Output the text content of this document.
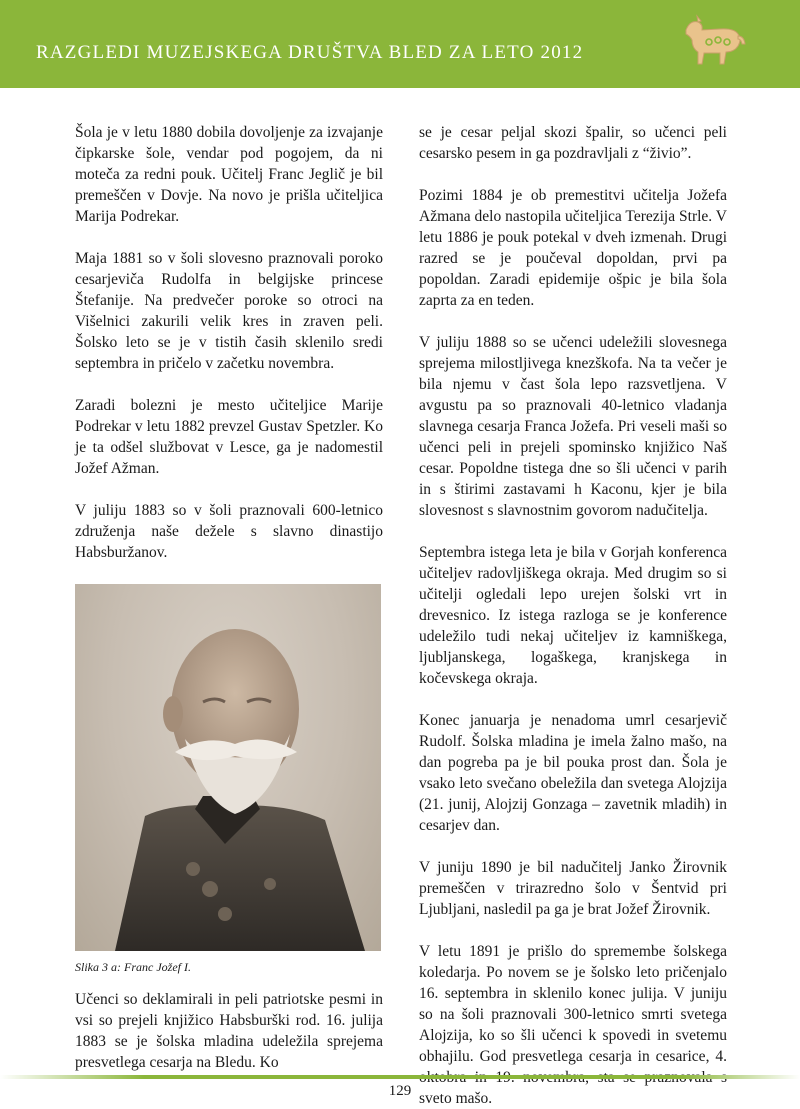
RAZGLEDI MUZEJSKEGA DRUŠTVA BLED ZA LETO 2012

Šola je v letu 1880 dobila dovoljenje za izvajanje čipkarske šole, vendar pod pogojem, da ni moteča za redni pouk. Učitelj Franc Jeglič je bil premeščen v Dovje. Na novo je prišla učiteljica Marija Podrekar.

Maja 1881 so v šoli slovesno praznovali poroko cesarjeviča Rudolfa in belgijske princese Štefanije. Na predvečer poroke so otroci na Višelnici zakurili velik kres in zraven peli. Šolsko leto se je v tistih časih sklenilo sredi septembra in pričelo v začetku novembra.

Zaradi bolezni je mesto učiteljice Marije Podrekar v letu 1882 prevzel Gustav Spetzler. Ko je ta odšel službovat v Lesce, ga je nadomestil Jožef Ažman.

V juliju 1883 so v šoli praznovali 600-letnico združenja naše dežele s slavno dinastijo Habsburžanov.

Slika 3 a: Franc Jožef I.

Učenci so deklamirali in peli patriotske pesmi in vsi so prejeli knjižico Habsburški rod. 16. julija 1883 se je šolska mladina udeležila sprejema presvetlega cesarja na Bledu. Ko

se je cesar peljal skozi špalir, so učenci peli cesarsko pesem in ga pozdravljali z “živio”.

Pozimi 1884 je ob premestitvi učitelja Jožefa Ažmana delo nastopila učiteljica Terezija Strle. V letu 1886 je pouk potekal v dveh izmenah. Drugi razred se je poučeval dopoldan, prvi pa popoldan. Zaradi epidemije ošpic je bila šola zaprta za en teden.

V juliju 1888 so se učenci udeležili slovesnega sprejema milostljivega knezškofa. Na ta večer je bila njemu v čast šola lepo razsvetljena. V avgustu pa so praznovali 40-letnico vladanja slavnega cesarja Franca Jožefa. Pri veseli maši so učenci peli in prejeli spominsko knjižico Naš cesar. Popoldne tistega dne so šli učenci v parih in s štirimi zastavami h Kaconu, kjer je bila slovesnost s slavnostnim govorom nadučitelja.

Septembra istega leta je bila v Gorjah konferenca učiteljev radovljiškega okraja. Med drugim so si učitelji ogledali lepo urejen šolski vrt in drevesnico. Iz istega razloga se je konference udeležilo tudi nekaj učiteljev iz kamniškega, ljubljanskega, logaškega, kranjskega in kočevskega okraja.

Konec januarja je nenadoma umrl cesarjevič Rudolf. Šolska mladina je imela žalno mašo, na dan pogreba pa je bil pouka prost dan. Šola je vsako leto svečano obeležila dan svetega Alojzija (21. junij, Alojzij Gonzaga – zavetnik mladih) in cesarjev dan.

V juniju 1890 je bil nadučitelj Janko Žirovnik premeščen v trirazredno šolo v Šentvid pri Ljubljani, nasledil pa ga je brat Jožef Žirovnik.

V letu 1891 je prišlo do spremembe šolskega koledarja. Po novem se je šolsko leto pričenjalo 16. septembra in sklenilo konec julija. V juniju so na šoli praznovali 300-letnico smrti svetega Alojzija, ko so šli učenci k spovedi in svetemu obhajilu. God presvetlega cesarja in cesarice, 4. sveto mašo.

129
